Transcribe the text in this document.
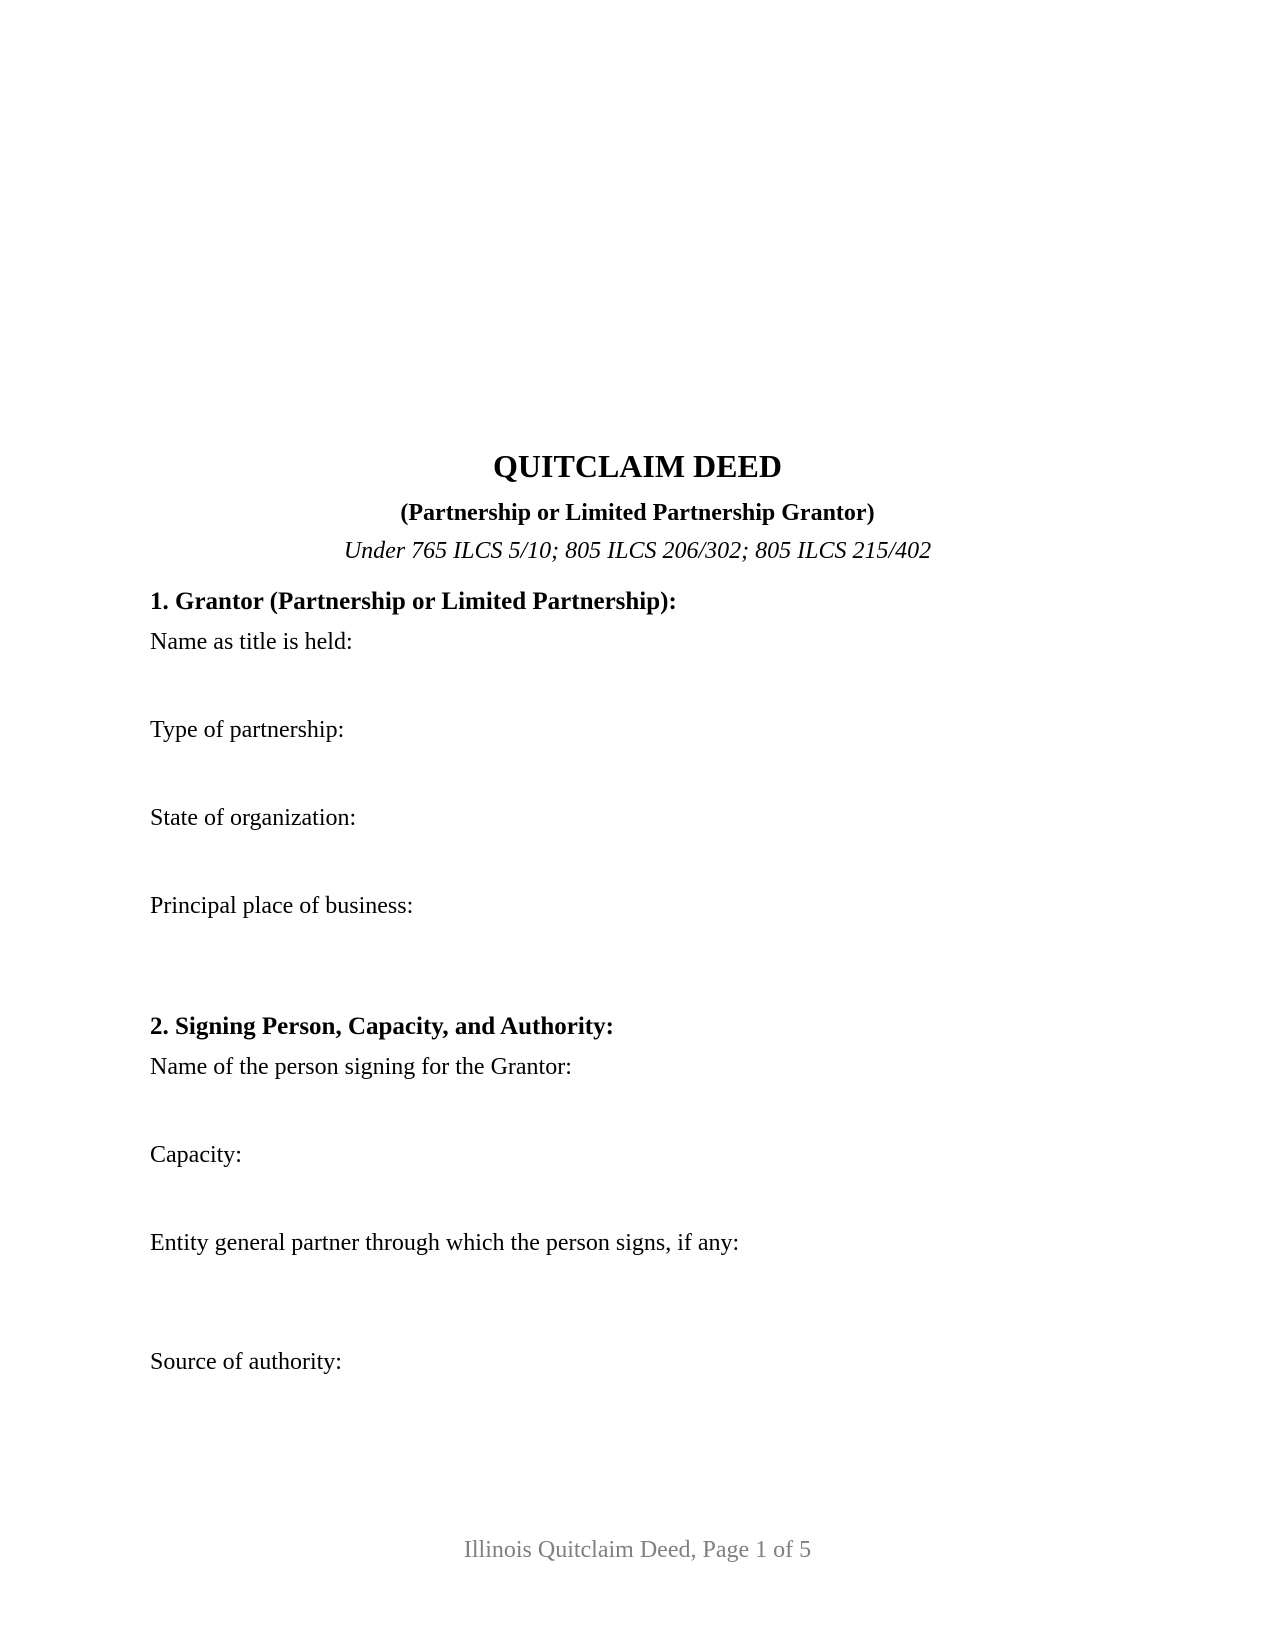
QUITCLAIM DEED
(Partnership or Limited Partnership Grantor)
Under 765 ILCS 5/10; 805 ILCS 206/302; 805 ILCS 215/402
1. Grantor (Partnership or Limited Partnership):
Name as title is held:
Type of partnership:
State of organization:
Principal place of business:
2. Signing Person, Capacity, and Authority:
Name of the person signing for the Grantor:
Capacity:
Entity general partner through which the person signs, if any:
Source of authority:
Illinois Quitclaim Deed, Page 1 of 5
